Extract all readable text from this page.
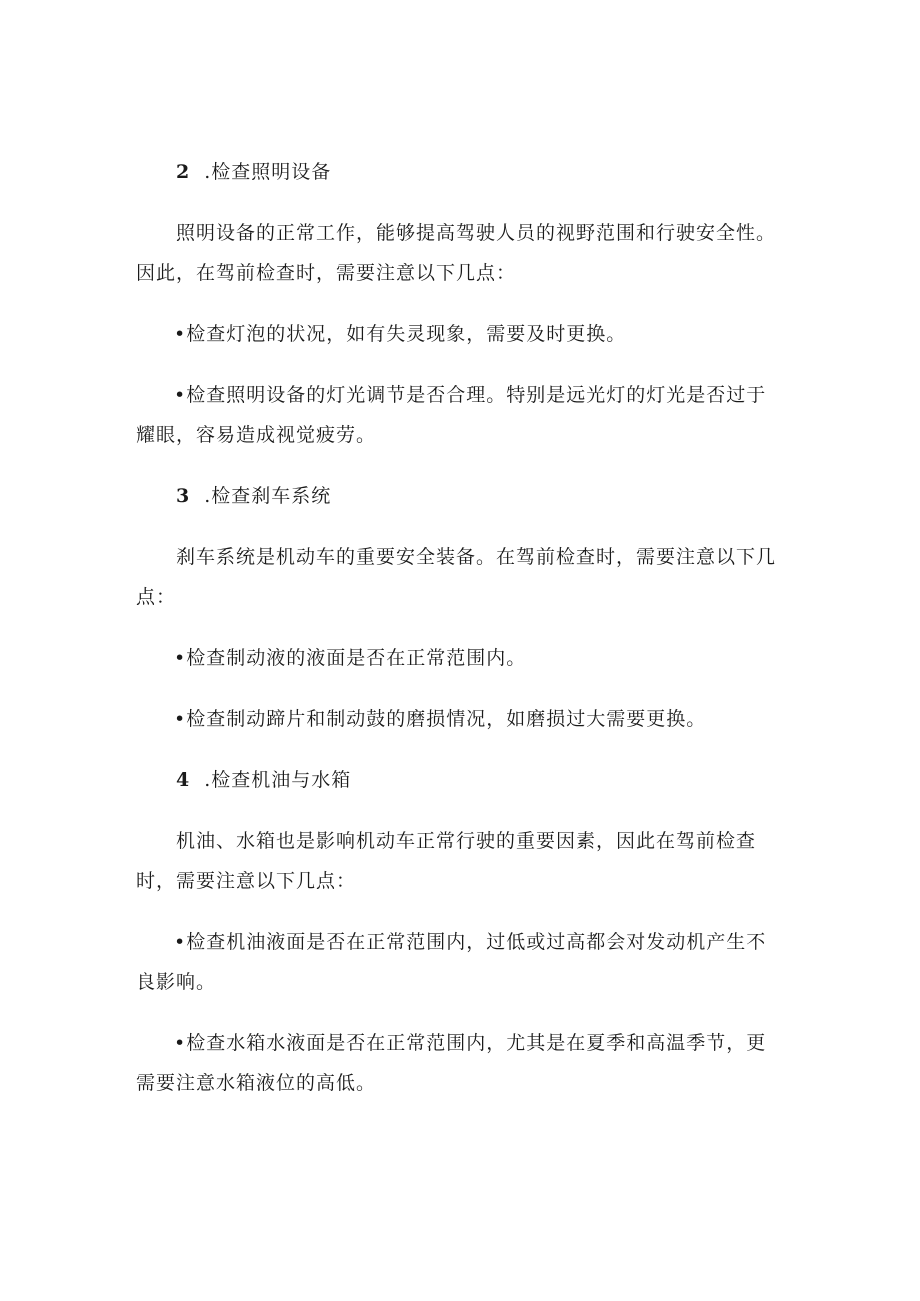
2 .检查照明设备

照明设备的正常工作，能够提高驾驶人员的视野范围和行驶安全性。因此，在驾前检查时，需要注意以下几点：

•检查灯泡的状况，如有失灵现象，需要及时更换。

•检查照明设备的灯光调节是否合理。特别是远光灯的灯光是否过于耀眼，容易造成视觉疲劳。

3 .检查刹车系统

刹车系统是机动车的重要安全装备。在驾前检查时，需要注意以下几点：

•检查制动液的液面是否在正常范围内。

•检查制动蹄片和制动鼓的磨损情况，如磨损过大需要更换。

4 .检查机油与水箱

机油、水箱也是影响机动车正常行驶的重要因素，因此在驾前检查时，需要注意以下几点：

•检查机油液面是否在正常范围内，过低或过高都会对发动机产生不良影响。

•检查水箱水液面是否在正常范围内，尤其是在夏季和高温季节，更需要注意水箱液位的高低。
